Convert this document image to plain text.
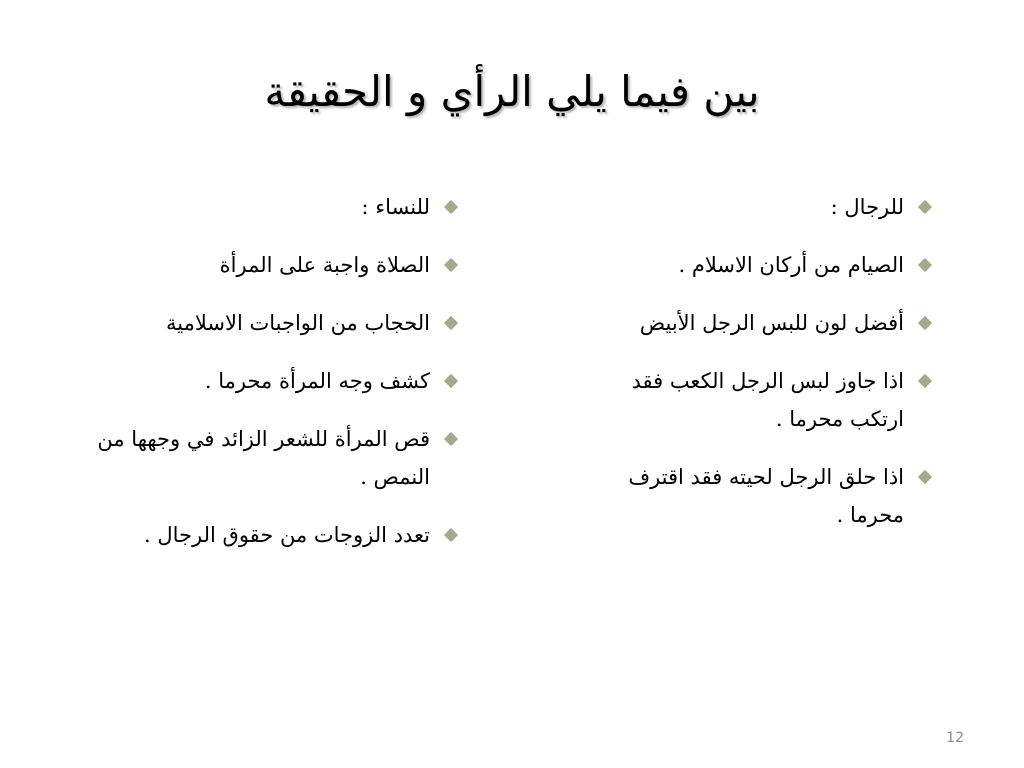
بين فيما يلي الرأي و الحقيقة
للرجال :
الصيام من أركان الاسلام .
أفضل لون للبس الرجل الأبيض
اذا جاوز لبس الرجل الكعب فقد ارتكب محرما .
اذا حلق الرجل لحيته فقد اقترف محرما .
للنساء :
الصلاة واجبة على المرأة
الحجاب من الواجبات الاسلامية
كشف وجه المرأة محرما .
قص المرأة للشعر الزائد في وجهها من النمص .
تعدد الزوجات من حقوق الرجال .
12
